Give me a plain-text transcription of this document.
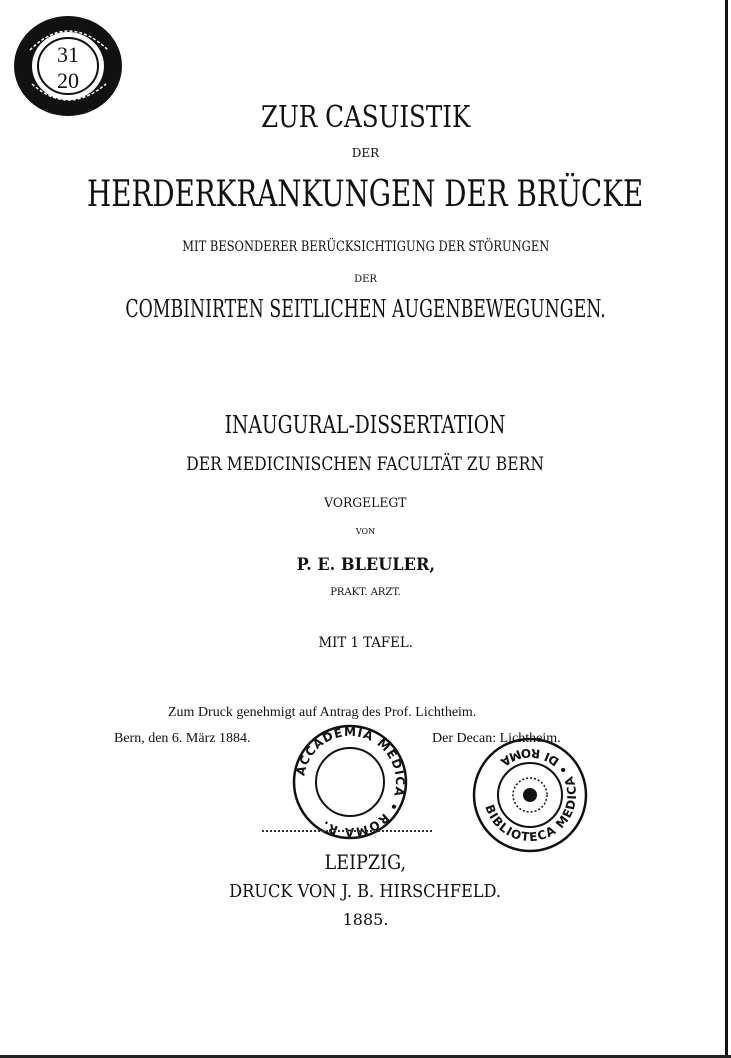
31
20
ZUR CASUISTIK
DER
HERDERKRANKUNGEN DER BRÜCKE
MIT BESONDERER BERÜCKSICHTIGUNG DER STÖRUNGEN
DER
COMBINIRTEN SEITLICHEN AUGENBEWEGUNGEN.
INAUGURAL-DISSERTATION
DER MEDICINISCHEN FACULTÄT ZU BERN
VORGELEGT
VON
P. E. BLEULER,
PRAKT. ARZT.
MIT 1 TAFEL.
Zum Druck genehmigt auf Antrag des Prof. Lichtheim.
Bern, den 6. März 1884.	Der Decan: Lichtheim.
ACCADEMIA MEDICA • ROMA R.
BIBLIOTECA MEDICA • DI ROMA
LEIPZIG,
DRUCK VON J. B. HIRSCHFELD.
1885.
